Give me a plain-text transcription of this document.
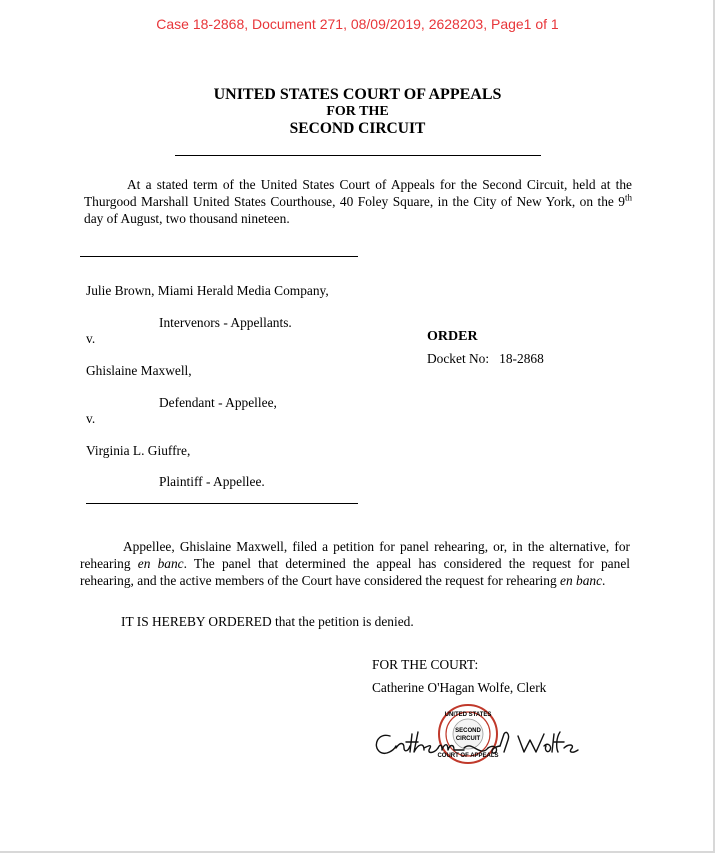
Case 18-2868, Document 271, 08/09/2019, 2628203, Page1 of 1
UNITED STATES COURT OF APPEALS
FOR THE
SECOND CIRCUIT
At a stated term of the United States Court of Appeals for the Second Circuit, held at the Thurgood Marshall United States Courthouse, 40 Foley Square, in the City of New York, on the 9th day of August, two thousand nineteen.
Julie Brown, Miami Herald Media Company,
Intervenors - Appellants.
v.
Ghislaine Maxwell,
Defendant - Appellee,
v.
Virginia L. Giuffre,
Plaintiff - Appellee.
ORDER
Docket No:   18-2868
Appellee, Ghislaine Maxwell, filed a petition for panel rehearing, or, in the alternative, for rehearing en banc. The panel that determined the appeal has considered the request for panel rehearing, and the active members of the Court have considered the request for rehearing en banc.
IT IS HEREBY ORDERED that the petition is denied.
FOR THE COURT:
Catherine O'Hagan Wolfe, Clerk
UNITED STATES
SECOND
CIRCUIT
COURT OF APPEALS
